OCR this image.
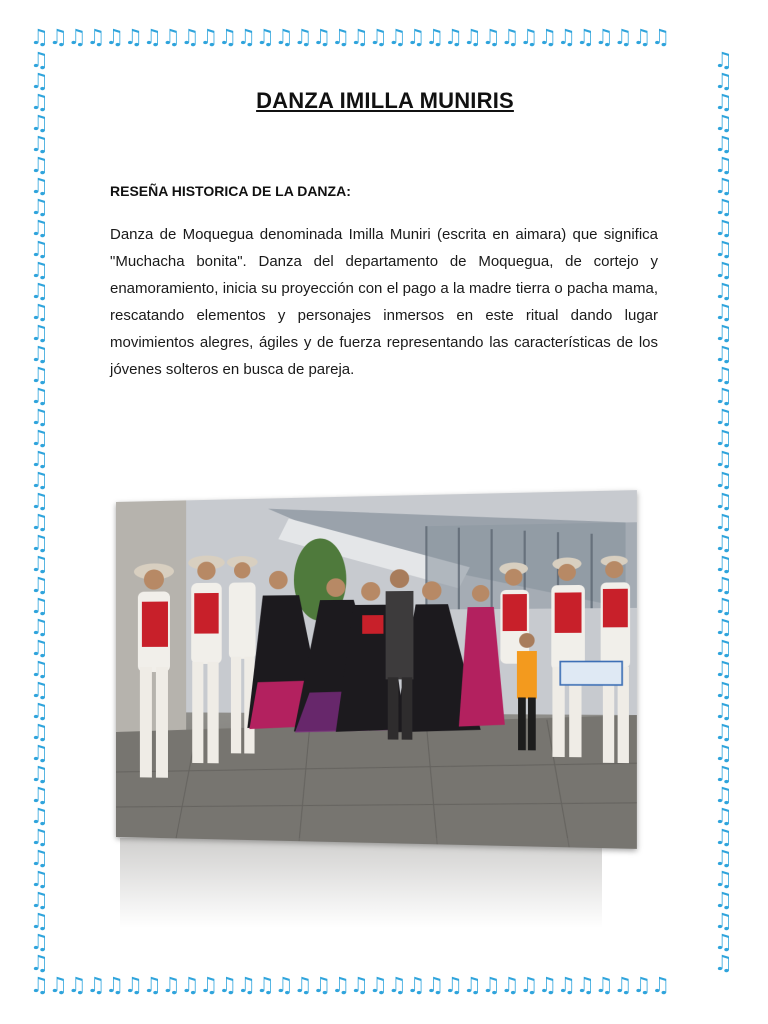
♫♫♫♫♫♫♫♫♫♫♫♫♫♫♫♫♫♫♫♫♫♫♫♫♫♫♫♫♫♫♫♫♫♫
♫♫♫♫♫♫♫♫♫♫♫♫♫♫♫♫♫♫♫♫♫♫♫♫♫♫♫♫♫♫♫♫♫♫
♫♫♫♫♫♫♫♫♫♫♫♫♫♫♫♫♫♫♫♫♫♫♫♫♫♫♫♫♫♫♫♫♫♫♫♫♫♫♫♫♫♫♫♫
♫♫♫♫♫♫♫♫♫♫♫♫♫♫♫♫♫♫♫♫♫♫♫♫♫♫♫♫♫♫♫♫♫♫♫♫♫♫♫♫♫♫♫♫
DANZA IMILLA MUNIRIS
RESEÑA HISTORICA DE LA DANZA:
Danza de Moquegua denominada Imilla Muniri (escrita en aimara) que significa "Muchacha bonita". Danza del departamento de Moquegua, de cortejo y enamoramiento, inicia su proyección con el pago a la madre tierra o pacha mama, rescatando elementos y personajes inmersos en este ritual dando lugar movimientos alegres, ágiles y de fuerza representando las características de los jóvenes solteros en busca de pareja.
